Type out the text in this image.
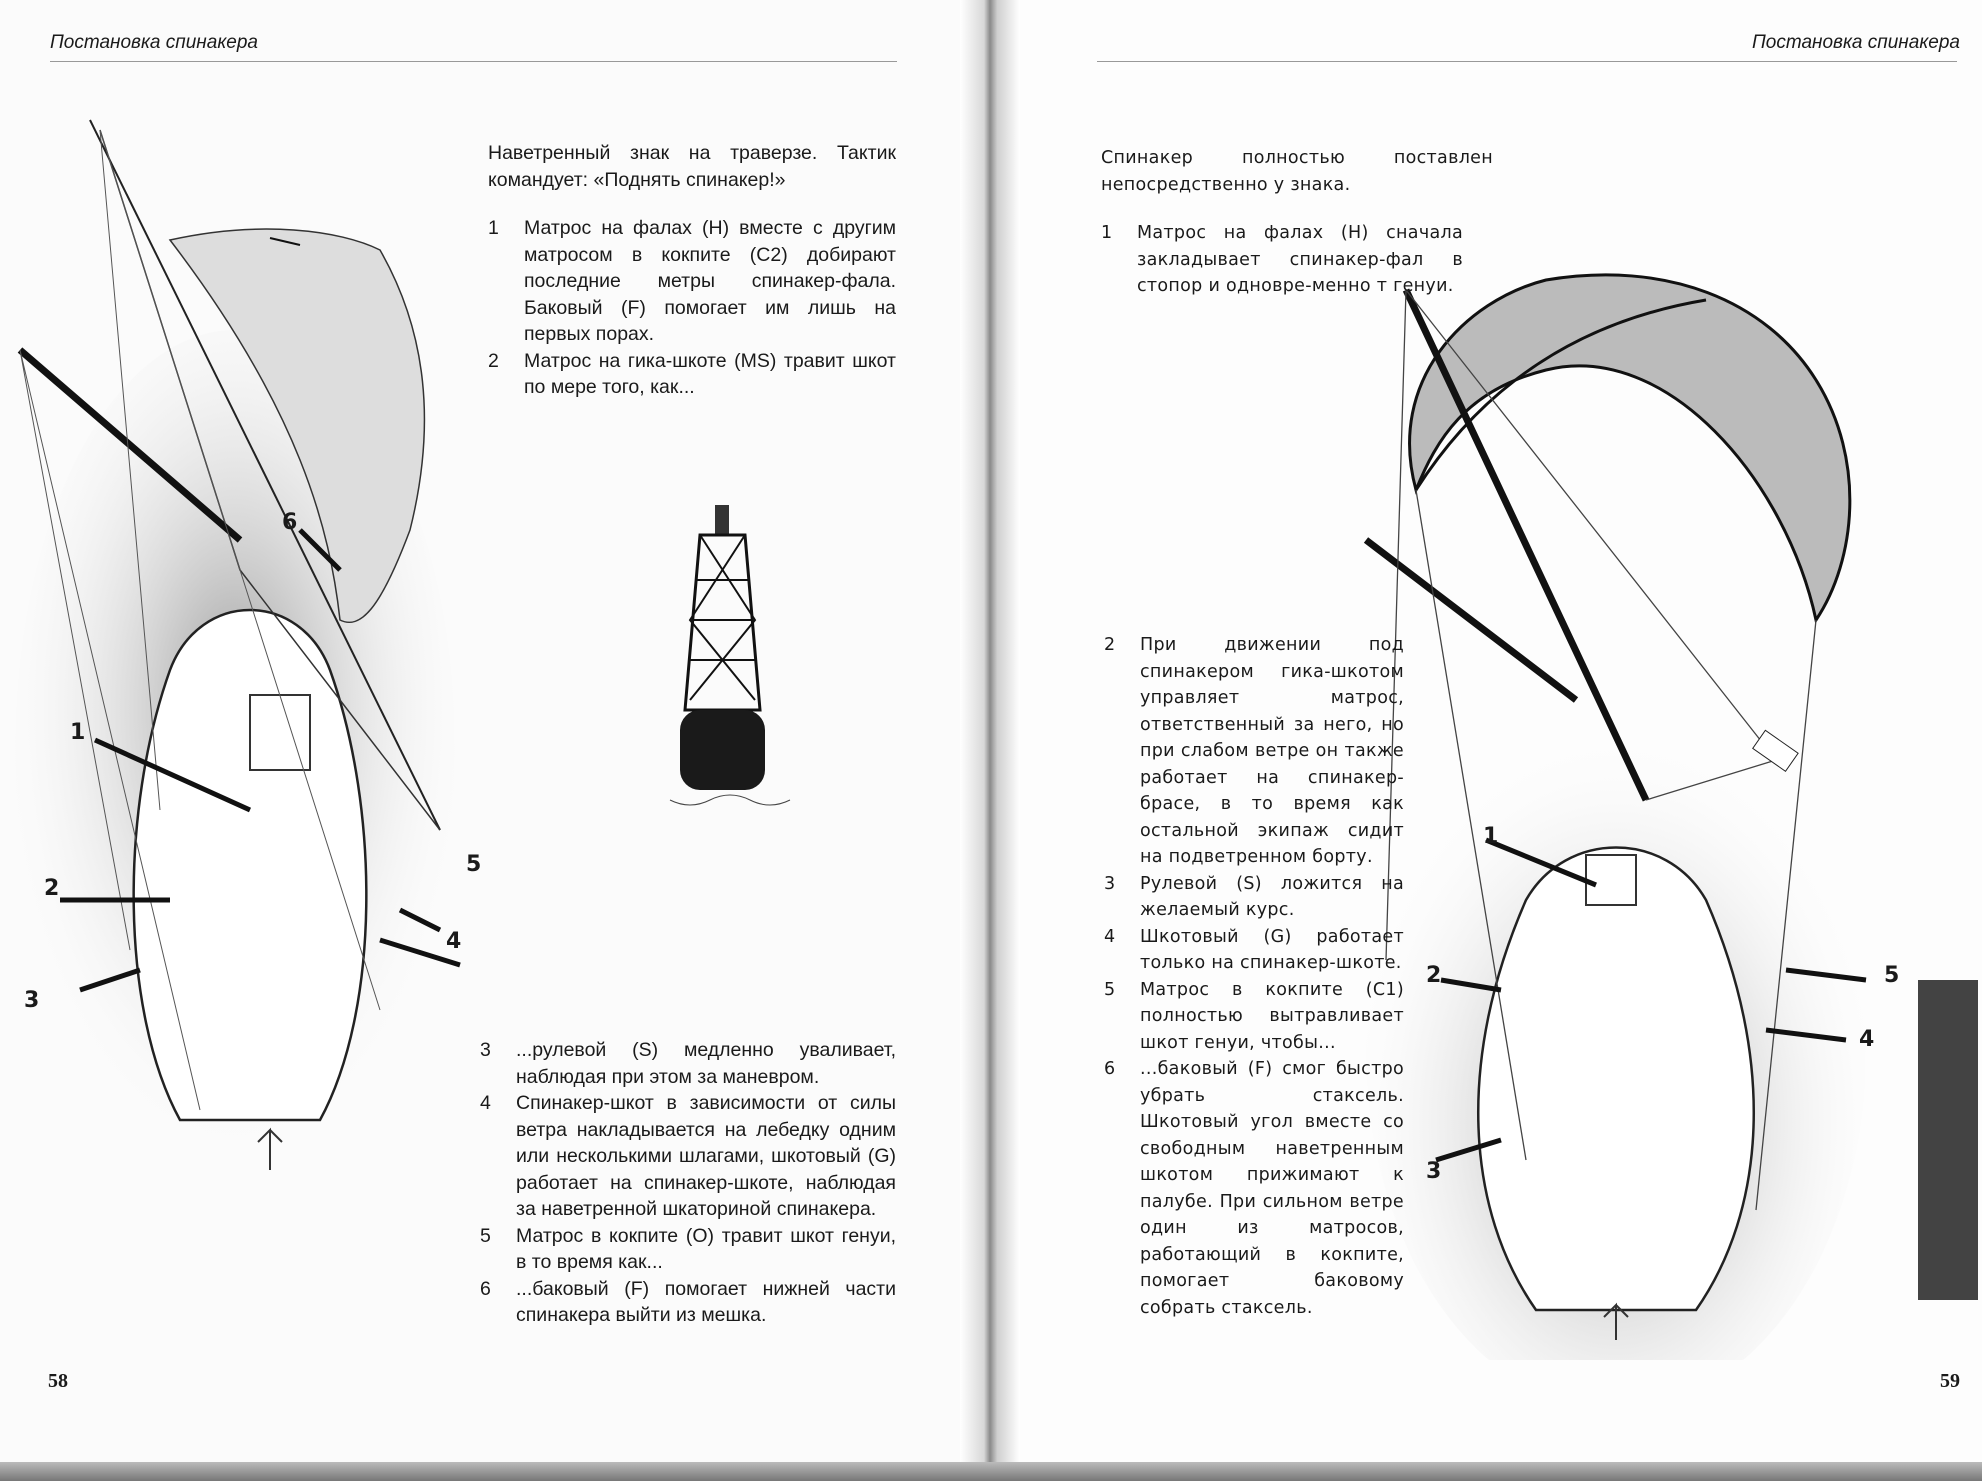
Постановка спинакера
6
1
5
2
4
3
Наветренный знак на траверзе. Тактик командует: «Поднять спинакер!»
1	Матрос на фалах (H) вместе с другим матросом в кокпите (C2) добирают последние метры спинакер-фала. Баковый (F) помогает им лишь на первых порах.
2	Матрос на гика-шкоте (MS) травит шкот по мере того, как...
3	...рулевой (S) медленно уваливает, наблюдая при этом за маневром.
4	Спинакер-шкот в зависимости от силы ветра накладывается на лебедку одним или несколькими шлагами, шкотовый (G) работает на спинакер-шкоте, наблюдая за наветренной шкаториной спинакера.
5	Матрос в кокпите (O) травит шкот генуи, в то время как...
6	...баковый (F) помогает нижней части спинакера выйти из мешка.
58
Постановка спинакера
1
2	5
4
3
Спинакер полностью поставлен непосредственно у знака.
1	Матрос на фалах (H) сначала закладывает спинакер-фал в стопор и одновре-менно т генуи.
2	При движении под спинакером гика-шкотом управляет матрос, ответственный за него, но при слабом ветре он также работает на спинакер-брасе, в то время как остальной экипаж сидит на подветренном борту.
3	Рулевой (S) ложится на желаемый курс.
4	Шкотовый (G) работает только на спинакер-шкоте.
5	Матрос в кокпите (C1) полностью вытравливает шкот генуи, чтобы...
6	...баковый (F) смог быстро убрать стаксель. Шкотовый угол вместе со свободным наветренным шкотом прижимают к палубе. При сильном ветре один из матросов, работающий в кокпите, помогает баковому собрать стаксель.
59
